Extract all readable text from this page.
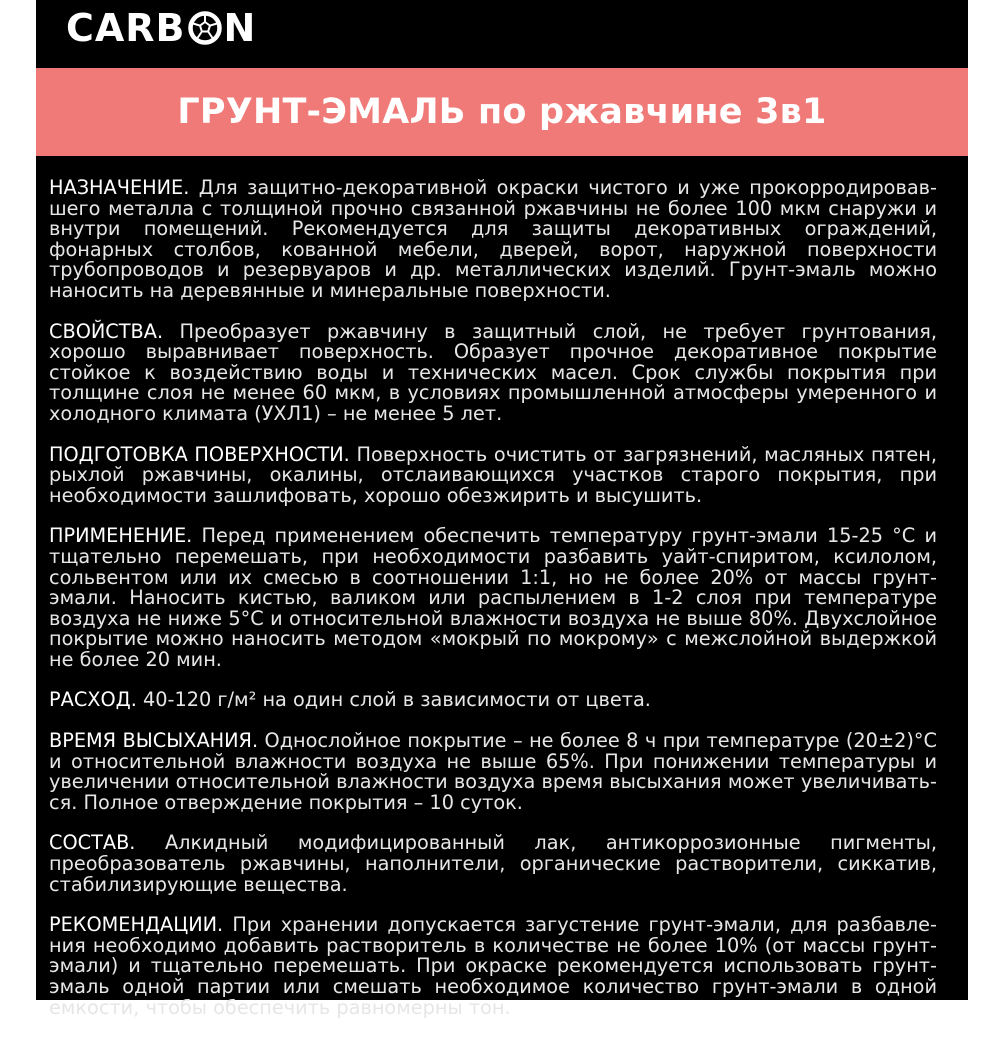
CARB N
ГРУНТ-ЭМАЛЬ по ржавчине 3в1
НАЗНАЧЕНИЕ. Для защитно-декоративной окраски чистого и уже прокорродировавшего металла с толщиной прочно связанной ржавчины не более 100 мкм снаружи и внутри помещений. Рекомендуется для защиты декоративных ограждений, фонарных столбов, кованной мебели, дверей, ворот, наружной поверхности трубопроводов и резервуаров и др. металлических изделий. Грунт-эмаль можно наносить на деревянные и минеральные поверхности.
СВОЙСТВА. Преобразует ржавчину в защитный слой, не требует грунтования, хорошо выравнивает поверхность. Образует прочное декоративное покрытие стойкое к воздействию воды и технических масел. Срок службы покрытия при толщине слоя не менее 60 мкм, в условиях промышленной атмосферы умеренного и холодного климата (УХЛ1) – не менее 5 лет.
ПОДГОТОВКА ПОВЕРХНОСТИ. Поверхность очистить от загрязнений, масляных пятен, рыхлой ржавчины, окалины, отслаивающихся участков старого покрытия, при необходимости зашлифовать, хорошо обезжирить и высушить.
ПРИМЕНЕНИЕ. Перед применением обеспечить температуру грунт-эмали 15-25 °С и тщательно перемешать, при необходимости разбавить уайт-спиритом, ксилолом, сольвентом или их смесью в соотношении 1:1, но не более 20% от массы грунт-эмали. Наносить кистью, валиком или распылением в 1-2 слоя при температуре воздуха не ниже 5°С и относительной влажности воздуха не выше 80%. Двухслойное покрытие можно наносить методом «мокрый по мокрому» с межслойной выдержкой не более 20 мин.
РАСХОД. 40-120 г/м² на один слой в зависимости от цвета.
ВРЕМЯ ВЫСЫХАНИЯ. Однослойное покрытие – не более 8 ч при температуре (20±2)°С и относительной влажности воздуха не выше 65%. При понижении температуры и увеличении относительной влажности воздуха время высыхания может увеличиваться. Полное отверждение покрытия – 10 суток.
СОСТАВ. Алкидный модифицированный лак, антикоррозионные пигменты, преобразователь ржавчины, наполнители, органические растворители, сиккатив, стабилизирующие вещества.
РЕКОМЕНДАЦИИ. При хранении допускается загустение грунт-эмали, для разбавления необходимо добавить растворитель в количестве не более 10% (от массы грунт-эмали) и тщательно перемешать. При окраске рекомендуется использовать грунт-эмаль одной партии или смешать необходимое количество грунт-эмали в одной емкости, чтобы обеспечить равномерны тон.
